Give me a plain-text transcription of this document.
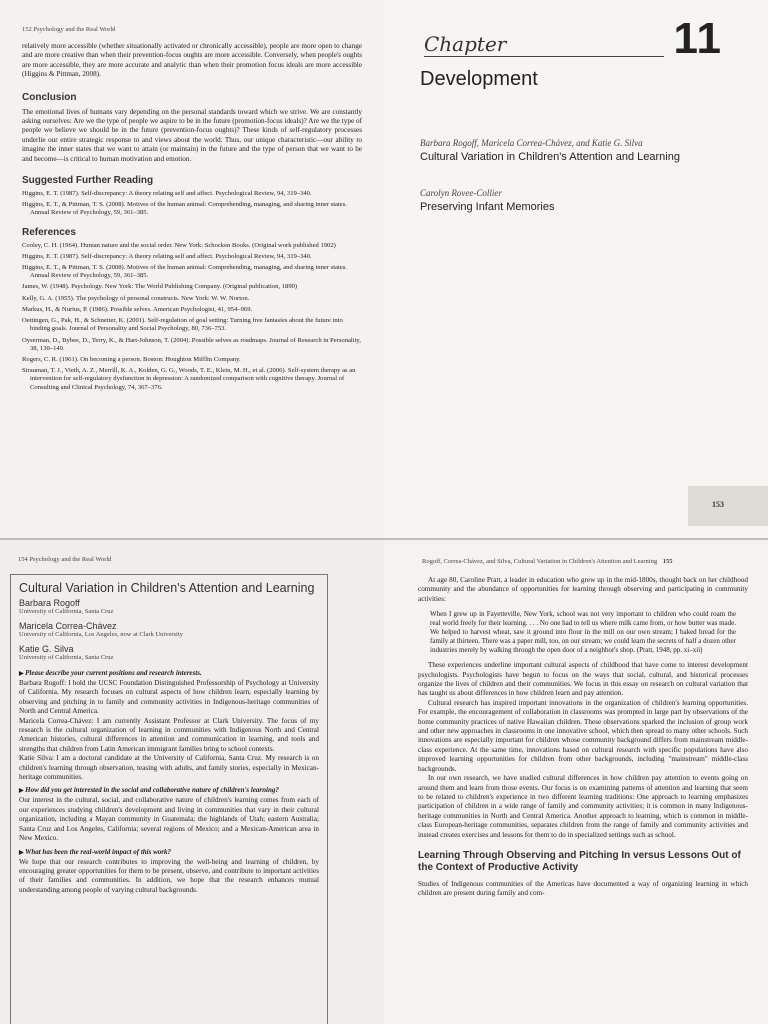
152 Psychology and the Real World

relatively more accessible (whether situationally activated or chronically accessible), people are more open to change and are more creative than when their prevention-focus oughts are more accessible. Conversely, when people's oughts are more accessible, they are more accurate and analytic than when their promotion focus ideals are more accessible (Higgins & Pittman, 2008).

Conclusion

The emotional lives of humans vary depending on the personal standards toward which we strive. We are constantly asking ourselves: Are we the type of people we aspire to be in the future (promotion-focus ideals)? Are we the type of people we believe we should be in the future (prevention-focus oughts)? These kinds of self-regulatory processes underlie our entire strategic response to and views about the world. Thus, our unique characteristic—our ability to imagine the inner states that we want to attain (or maintain) in the future and the type of person that we want to be and become—is critical to human motivation and emotion.

Suggested Further Reading

Higgins, E. T. (1987). Self-discrepancy: A theory relating self and affect. Psychological Review, 94, 319–340.

Higgins, E. T., & Pittman, T. S. (2008). Motives of the human animal: Comprehending, managing, and sharing inner states. Annual Review of Psychology, 59, 361–385.

References

Cooley, C. H. (1964). Human nature and the social order. New York: Schocken Books. (Original work published 1902)

Higgins, E. T. (1987). Self-discrepancy: A theory relating self and affect. Psychological Review, 94, 319–340.

Higgins, E. T., & Pittman, T. S. (2008). Motives of the human animal: Comprehending, managing, and sharing inner states. Annual Review of Psychology, 59, 361–385.

James, W. (1948). Psychology. New York: The World Publishing Company. (Original publication, 1890)

Kelly, G. A. (1955). The psychology of personal constructs. New York: W. W. Norton.

Markus, H., & Nurius, P. (1986). Possible selves. American Psychologist, 41, 954–969.

Oettingen, G., Pak, H., & Schnetter, K. (2001). Self-regulation of goal setting: Turning free fantasies about the future into binding goals. Journal of Personality and Social Psychology, 80, 736–753.

Oyserman, D., Bybee, D., Terry, K., & Hart-Johnson, T. (2004). Possible selves as roadmaps. Journal of Research in Personality, 38, 130–149.

Rogers, C. R. (1961). On becoming a person. Boston: Houghton Mifflin Company.

Strauman, T. J., Vieth, A. Z., Merrill, K. A., Kolden, G. G., Woods, T. E., Klein, M. H., et al. (2006). Self-system therapy as an intervention for self-regulatory dysfunction in depression: A randomized comparison with cognitive therapy. Journal of Consulting and Clinical Psychology, 74, 367–376.

Chapter	11
Development
Barbara Rogoff, Maricela Correa-Chávez, and Katie G. Silva
Cultural Variation in Children's Attention and Learning
Carolyn Rovee-Collier
Preserving Infant Memories
153
154 Psychology and the Real World
Cultural Variation in Children's Attention and Learning
Barbara Rogoff
University of California, Santa Cruz
Maricela Correa-Chávez
University of California, Los Angeles, now at Clark University
Katie G. Silva
University of California, Santa Cruz

▶ Please describe your current positions and research interests.

Barbara Rogoff: I hold the UCSC Foundation Distinguished Professorship of Psychology at University of California. My research focuses on cultural aspects of how children learn, especially learning by observing and pitching in to family and community activities in Indigenous-heritage communities of North and Central America.

Maricela Correa-Chávez: I am currently Assistant Professor at Clark University. The focus of my research is the cultural organization of learning in communities with Indigenous North and Central American histories, cultural differences in attention and communication in learning, and tools and strengths that children from Latin American immigrant families bring to school contexts.

Katie Silva: I am a doctoral candidate at the University of California, Santa Cruz. My research is on children's learning through observation, teasing with adults, and family stories, especially in Mexican-heritage communities.

▶ How did you get interested in the social and collaborative nature of children's learning?

Our interest in the cultural, social, and collaborative nature of children's learning comes from each of our experiences studying children's development and living in communities that vary in their cultural organization, including a Mayan community in Guatemala; the highlands of Utah; eastern Australia; Santa Cruz and Los Angeles, California; several regions of Mexico; and a Mexican-American area in New Mexico.

▶ What has been the real-world impact of this work?

We hope that our research contributes to improving the well-being and learning of children, by encouraging greater opportunities for them to be present, observe, and contribute to important activities of their families and communities. In addition, we hope that the research enhances mutual understanding among people of varying cultural backgrounds.

Rogoff, Correa-Chávez, and Silva, Cultural Variation in Children's Attention and Learning 155

At age 80, Caroline Pratt, a leader in education who grew up in the mid-1800s, thought back on her childhood community and the abundance of opportunities for learning through observing and participating in community activities:

When I grew up in Fayetteville, New York, school was not very important to children who could roam the real world freely for their learning. . . . No one had to tell us where milk came from, or how butter was made. We helped to harvest wheat, saw it ground into flour in the mill on our own stream; I baked bread for the family at thirteen. There was a paper mill, too, on our stream; we could learn the secrets of half a dozen other industries merely by walking through the open door of a neighbor's shop. (Pratt, 1948, pp. xi–xii)

These experiences underline important cultural aspects of childhood that have come to interest development psychologists. Psychologists have begun to focus on the ways that social, cultural, and historical processes organize the lives of children and their communities. We focus in this essay on research on cultural variation that has taught us about differences in how children learn and pay attention.

Cultural research has inspired important innovations in the organization of children's learning opportunities. For example, the encouragement of collaboration in classrooms was prompted in large part by observations of the home community practices of native Hawaiian children. These observations sparked the inclusion of group work and other new approaches in classrooms in one innovative school, which then spread to many other schools. Such innovations are especially important for children whose community background differs from mainstream middle-class experience. At the same time, innovations based on cultural research with specific populations have also improved learning opportunities for children from other backgrounds, including "mainstream" middle-class backgrounds.

In our own research, we have studied cultural differences in how children pay attention to events going on around them and learn from those events. Our focus is on examining patterns of attention and learning that seem to be related to children's experience in two different learning traditions: One approach to learning emphasizes participation of children in a wide range of family and community activities; it is common in many Indigenous-heritage communities in North and Central America. Another approach to learning, which is common in middle-class European-heritage communities, separates children from the range of family and community activities and instead creates exercises and lessons for them to do in specialized settings such as school.

Learning Through Observing and Pitching In versus Lessons Out of the Context of Productive Activity

Studies of Indigenous communities of the Americas have documented a way of organizing learning in which children are present during family and com-
